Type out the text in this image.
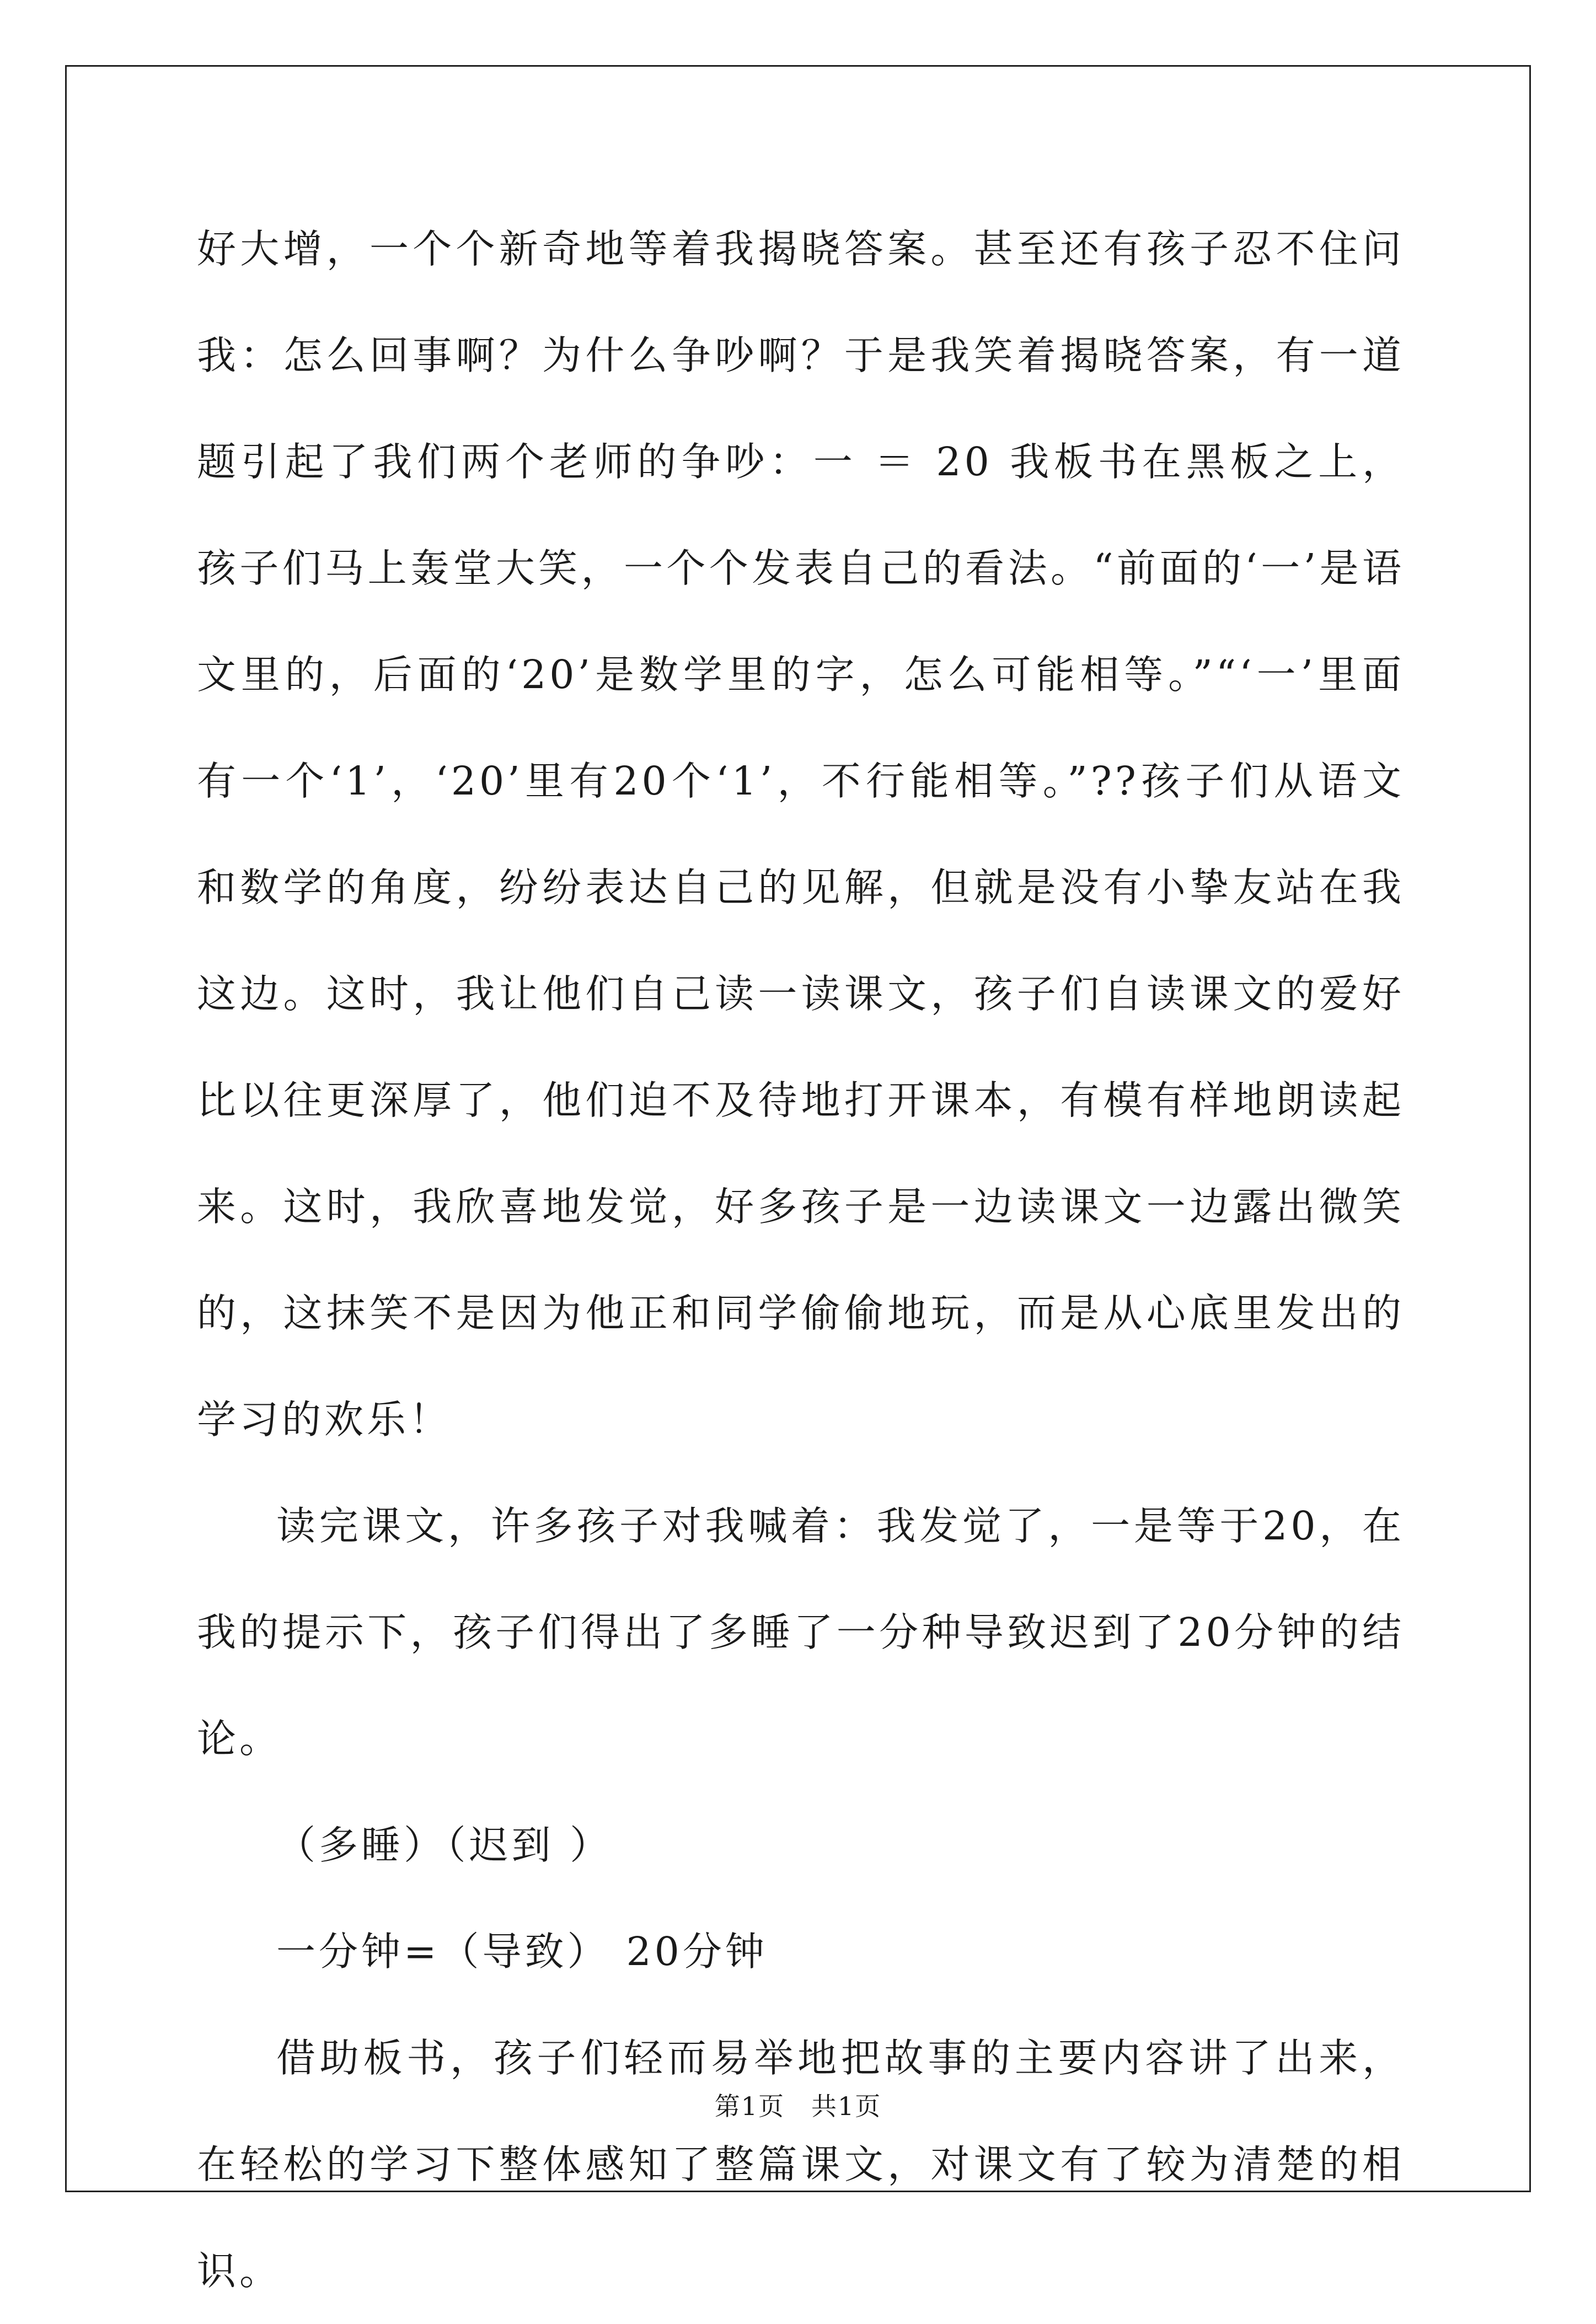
好大增，一个个新奇地等着我揭晓答案。甚至还有孩子忍不住问我：怎么回事啊？为什么争吵啊？于是我笑着揭晓答案，有一道题引起了我们两个老师的争吵：一 ＝ 20 我板书在黑板之上，孩子们马上轰堂大笑，一个个发表自己的看法。“前面的‘一’是语文里的，后面的‘20’是数学里的字，怎么可能相等。”“‘一’里面有一个‘1’，‘20’里有20个‘1’，不行能相等。”??孩子们从语文和数学的角度，纷纷表达自己的见解，但就是没有小挚友站在我这边。这时，我让他们自己读一读课文，孩子们自读课文的爱好比以往更深厚了，他们迫不及待地打开课本，有模有样地朗读起来。这时，我欣喜地发觉，好多孩子是一边读课文一边露出微笑的，这抹笑不是因为他正和同学偷偷地玩，而是从心底里发出的学习的欢乐！

读完课文，许多孩子对我喊着：我发觉了，一是等于20，在我的提示下，孩子们得出了多睡了一分种导致迟到了20分钟的结论。

（多睡）（迟到 ）

一分钟=（导致） 20分钟

借助板书，孩子们轻而易举地把故事的主要内容讲了出来，在轻松的学习下整体感知了整篇课文，对课文有了较为清楚的相识。

第1页 共1页
